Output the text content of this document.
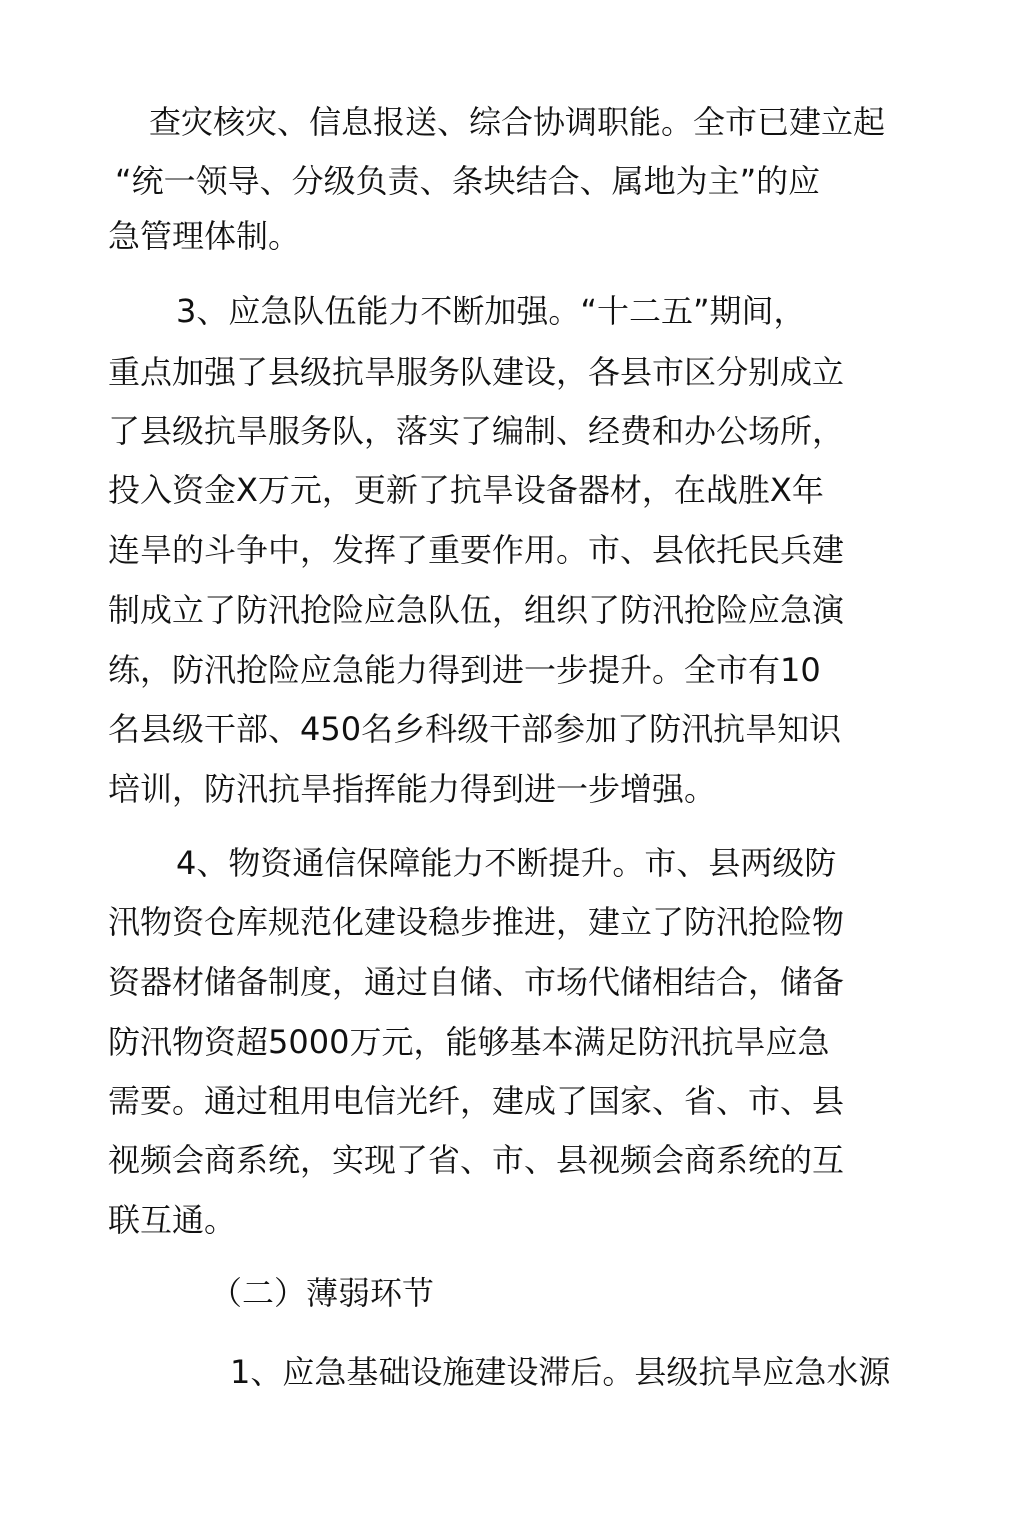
查灾核灾、信息报送、综合协调职能。全市已建立起
“统一领导、分级负责、条块结合、属地为主”的应
急管理体制。
3、应急队伍能力不断加强。“十二五”期间，
重点加强了县级抗旱服务队建设，各县市区分别成立
了县级抗旱服务队，落实了编制、经费和办公场所，
投入资金X万元，更新了抗旱设备器材，在战胜X年
连旱的斗争中，发挥了重要作用。市、县依托民兵建
制成立了防汛抢险应急队伍，组织了防汛抢险应急演
练，防汛抢险应急能力得到进一步提升。全市有10
名县级干部、450名乡科级干部参加了防汛抗旱知识
培训，防汛抗旱指挥能力得到进一步增强。
4、物资通信保障能力不断提升。市、县两级防
汛物资仓库规范化建设稳步推进，建立了防汛抢险物
资器材储备制度，通过自储、市场代储相结合，储备
防汛物资超5000万元，能够基本满足防汛抗旱应急
需要。通过租用电信光纤，建成了国家、省、市、县
视频会商系统，实现了省、市、县视频会商系统的互
联互通。
（二）薄弱环节
1、应急基础设施建设滞后。县级抗旱应急水源
